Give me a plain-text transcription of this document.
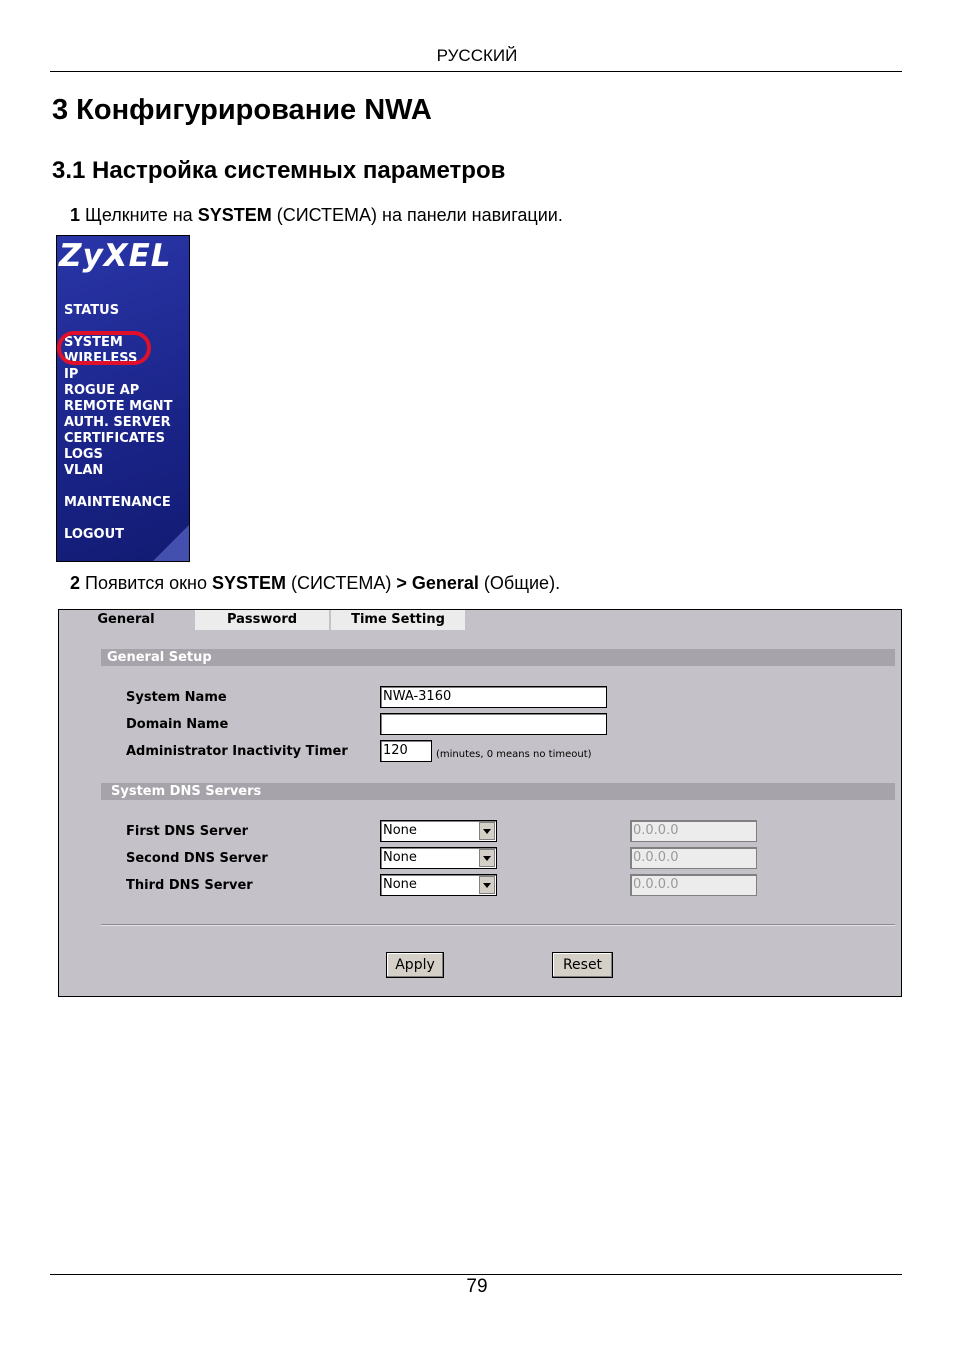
РУССКИЙ
3 Конфигурирование NWA
3.1 Настройка системных параметров
1 Щелкните на SYSTEM (СИСТЕМА) на панели навигации.
ZyXEL
STATUS
SYSTEM
WIRELESS
IP
ROGUE AP
REMOTE MGNT
AUTH. SERVER
CERTIFICATES
LOGS
VLAN
MAINTENANCE
LOGOUT
2 Появится окно SYSTEM (СИСТЕМА) > General (Общие).
General	Password	Time Setting
General Setup
System Name	NWA-3160
Domain Name
Administrator Inactivity Timer	120	(minutes, 0 means no timeout)
System DNS Servers
First DNS Server	None	0.0.0.0
Second DNS Server	None	0.0.0.0
Third DNS Server	None	0.0.0.0
Apply	Reset
79
